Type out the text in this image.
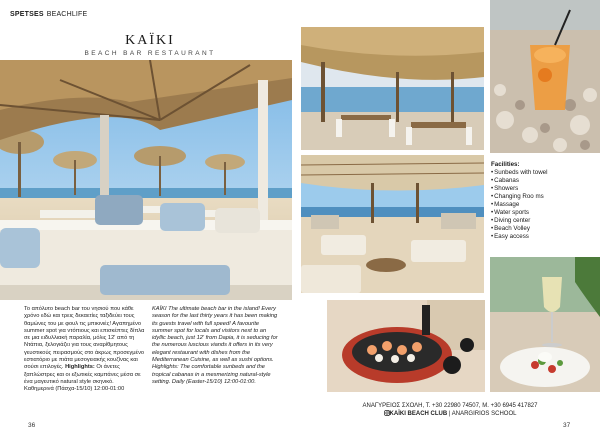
SPETSES BEACHLIFE
KAÏKI
BEACH BAR RESTAURANT
Το απόλυτο beach bar του νησιού που κάθε χρόνο εδώ και τρεις δεκαετίες ταξιδεύει τους θαμώνες του με φουλ τις μπικινιές! Αγαπημένο summer spot για ντόπιους και επισκέπτες δίπλα σε μια ειδυλλιακή παραλία, μόλις 12' από τη Ντάπια, ξελογιάζει για τους αναρίθμητους γευστικούς πειρασμούς στο άκρως προσεγμένο εστιατόριο με πιάτα μεσογειακής κουζίνας και σούσι επιλογές. Highlights: Οι άνετες ξαπλώστρες και οι εξωτικές καμπάνες μέσα σε ένα μαγευτικό natural style σκηνικό. Καθημερινά (Πάσχα-15/10) 12:00-01:00
KAÏKI The ultimate beach bar in the island! Every season for the last thirty years it has been making its guests travel with full speed! A favourite summer spot for locals and visitors next to an idyllic beach, just 12' from Dapia, it is seducing for the numerous luscious viands it offers in its very elegant restaurant with dishes from the Mediterranean Cuisine, as well as sushi options. Highlights: The comfortable sunbeds and the tropical cabanas in a mesmerizing natural-style setting. Daily (Easter-15/10) 12:00-01:00.
Facilities:
• Sunbeds with towel
• Cabanas
• Showers
• Changing Roo ms
• Massage
• Water sports
• Diving center
• Beach Volley
• Easy access
ΑΝΑΓΥΡΕΙΟΣ ΣΧΟΛΗ, Τ. +30 22980 74507, Μ. +30 6945 417827
KAÏKI BEACH CLUB | ANARGIRIOS SCHOOL
36	37
